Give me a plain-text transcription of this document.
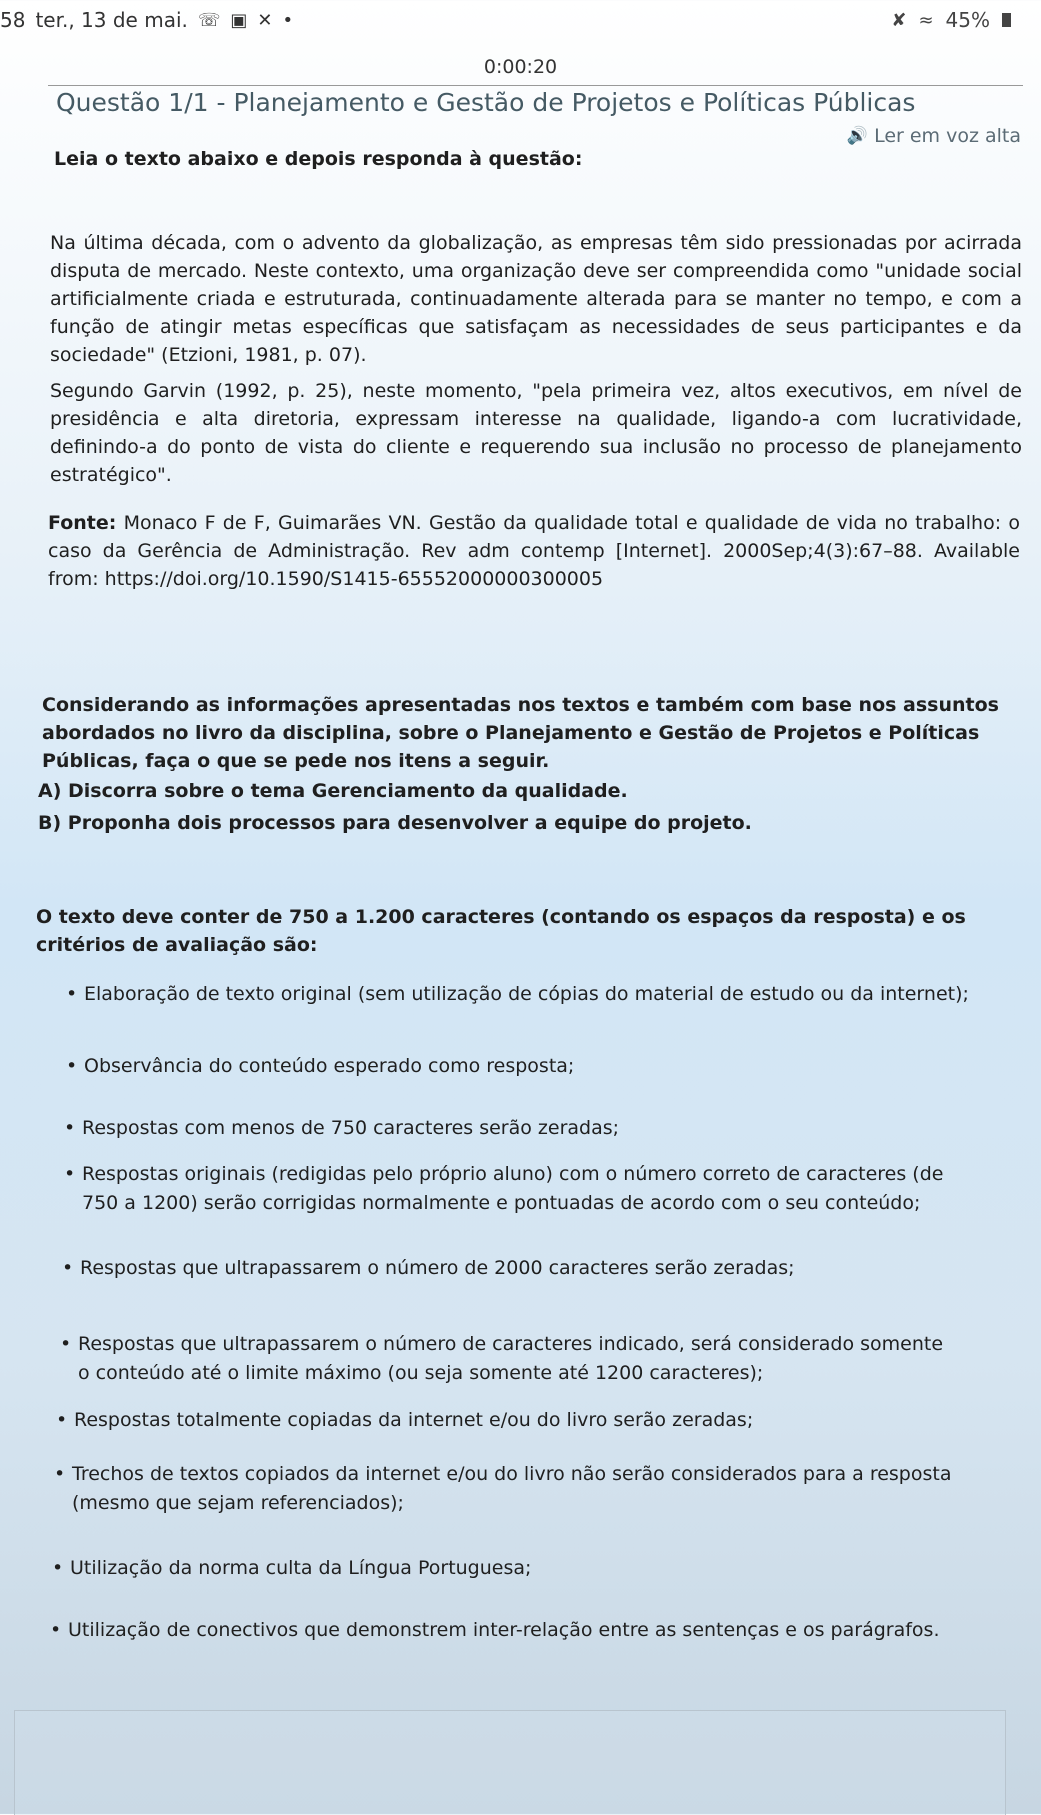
58 ter., 13 de mai. ☏ ▣ ✕ •	✘ ≈ 45%
0:00:20
Questão 1/1 - Planejamento e Gestão de Projetos e Políticas Públicas
🔊 Ler em voz alta
Leia o texto abaixo e depois responda à questão:

Na última década, com o advento da globalização, as empresas têm sido pressionadas por acirrada disputa de mercado. Neste contexto, uma organização deve ser compreendida como "unidade social artificialmente criada e estruturada, continuadamente alterada para se manter no tempo, e com a função de atingir metas específicas que satisfaçam as necessidades de seus participantes e da sociedade" (Etzioni, 1981, p. 07).

Segundo Garvin (1992, p. 25), neste momento, "pela primeira vez, altos executivos, em nível de presidência e alta diretoria, expressam interesse na qualidade, ligando-a com lucratividade, definindo-a do ponto de vista do cliente e requerendo sua inclusão no processo de planejamento estratégico".

Fonte: Monaco F de F, Guimarães VN. Gestão da qualidade total e qualidade de vida no trabalho: o caso da Gerência de Administração. Rev adm contemp [Internet]. 2000Sep;4(3):67–88. Available from: https://doi.org/10.1590/S1415-65552000000300005

Considerando as informações apresentadas nos textos e também com base nos assuntos abordados no livro da disciplina, sobre o Planejamento e Gestão de Projetos e Políticas Públicas, faça o que se pede nos itens a seguir.

A) Discorra sobre o tema Gerenciamento da qualidade.
B) Proponha dois processos para desenvolver a equipe do projeto.

O texto deve conter de 750 a 1.200 caracteres (contando os espaços da resposta) e os critérios de avaliação são:

• Elaboração de texto original (sem utilização de cópias do material de estudo ou da internet);
• Observância do conteúdo esperado como resposta;
• Respostas com menos de 750 caracteres serão zeradas;
• Respostas originais (redigidas pelo próprio aluno) com o número correto de caracteres (de 750 a 1200) serão corrigidas normalmente e pontuadas de acordo com o seu conteúdo;
• Respostas que ultrapassarem o número de 2000 caracteres serão zeradas;
• Respostas que ultrapassarem o número de caracteres indicado, será considerado somente o conteúdo até o limite máximo (ou seja somente até 1200 caracteres);
• Respostas totalmente copiadas da internet e/ou do livro serão zeradas;
• Trechos de textos copiados da internet e/ou do livro não serão considerados para a resposta (mesmo que sejam referenciados);
• Utilização da norma culta da Língua Portuguesa;
• Utilização de conectivos que demonstrem inter-relação entre as sentenças e os parágrafos.
